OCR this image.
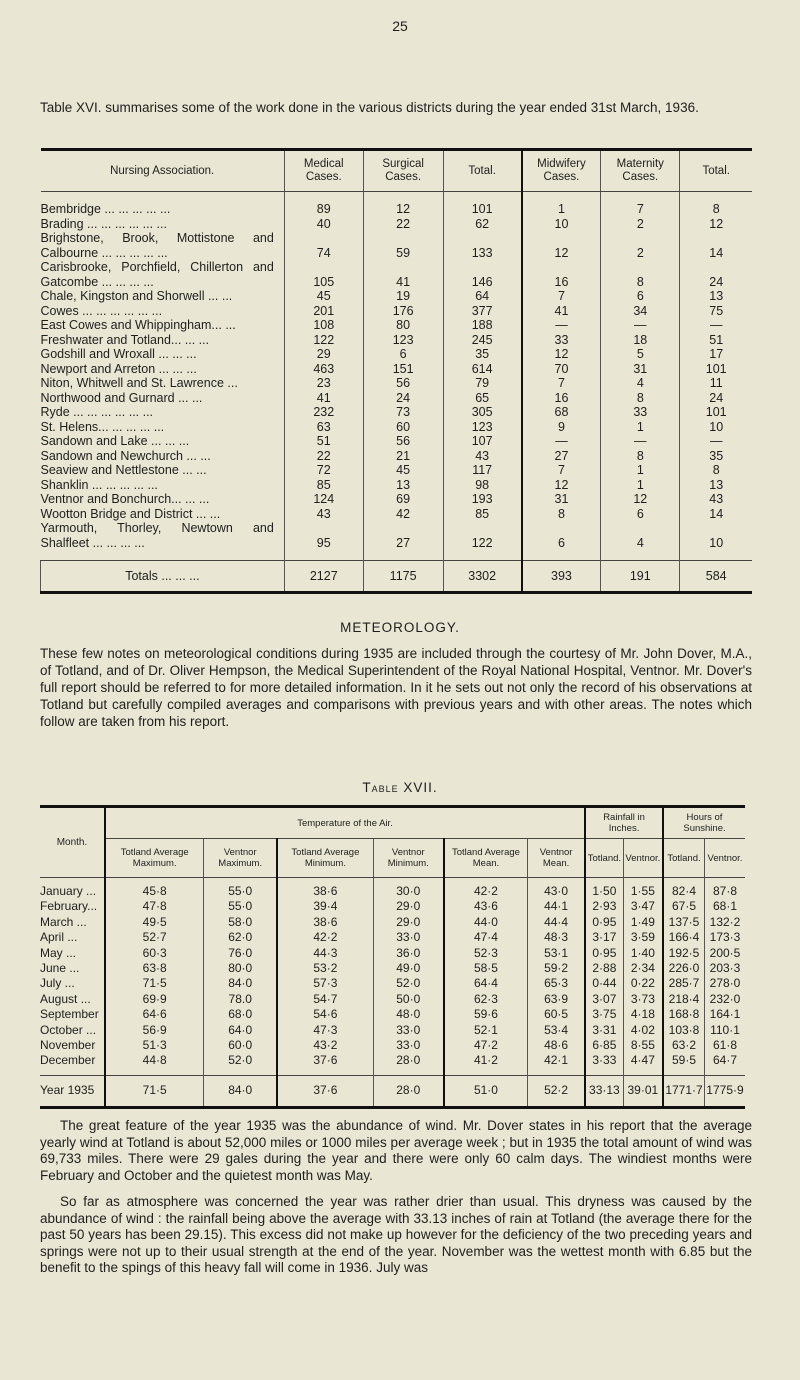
25
Table XVI. summarises some of the work done in the various districts during the year ended 31st March, 1936.
Nursing Association.	Medical Cases.	Surgical Cases.	Total.	Midwifery Cases.	Maternity Cases.	Total.
Bembridge ... ... ... ... ...	89	12	101	1	7	8
Brading ... ... ... ... ... ...	40	22	62	10	2	12
Brighstone, Brook, Mottistone and Calbourne ... ... ... ... ...	74	59	133	12	2	14
Carisbrooke, Porchfield, Chillerton and Gatcombe ... ... ... ...	105	41	146	16	8	24
Chale, Kingston and Shorwell ... ...	45	19	64	7	6	13
Cowes ... ... ... ... ... ...	201	176	377	41	34	75
East Cowes and Whippingham... ...	108	80	188	—	—	—
Freshwater and Totland... ... ...	122	123	245	33	18	51
Godshill and Wroxall ... ... ...	29	6	35	12	5	17
Newport and Arreton ... ... ...	463	151	614	70	31	101
Niton, Whitwell and St. Lawrence ...	23	56	79	7	4	11
Northwood and Gurnard ... ...	41	24	65	16	8	24
Ryde ... ... ... ... ... ...	232	73	305	68	33	101
St. Helens... ... ... ... ...	63	60	123	9	1	10
Sandown and Lake ... ... ...	51	56	107	—	—	—
Sandown and Newchurch ... ...	22	21	43	27	8	35
Seaview and Nettlestone ... ...	72	45	117	7	1	8
Shanklin ... ... ... ... ...	85	13	98	12	1	13
Ventnor and Bonchurch... ... ...	124	69	193	31	12	43
Wootton Bridge and District ... ...	43	42	85	8	6	14
Yarmouth, Thorley, Newtown and Shalfleet ... ... ... ...	95	27	122	6	4	10
Totals ... ... ...	2127	1175	3302	393	191	584
METEOROLOGY.

These few notes on meteorological conditions during 1935 are included through the courtesy of Mr. John Dover, M.A., of Totland, and of Dr. Oliver Hempson, the Medical Superintendent of the Royal National Hospital, Ventnor. Mr. Dover's full report should be referred to for more detailed information. In it he sets out not only the record of his observations at Totland but carefully compiled averages and comparisons with previous years and with other areas. The notes which follow are taken from his report.

Table XVII.
Month.	Temperature of the Air.						Rainfall in Inches.		Hours of Sunshine.	
	Totland Average Maximum.	Ventnor Maximum.	Totland Average Minimum.	Ventnor Minimum.	Totland Average Mean.	Ventnor Mean.	Totland.	Ventnor.	Totland.	Ventnor.
January ...	45·8	55·0	38·6	30·0	42·2	43·0	1·50	1·55	82·4	87·8
February...	47·8	55·0	39·4	29·0	43·6	44·1	2·93	3·47	67·5	68·1
March ...	49·5	58·0	38·6	29·0	44·0	44·4	0·95	1·49	137·5	132·2
April ...	52·7	62·0	42·2	33·0	47·4	48·3	3·17	3·59	166·4	173·3
May ...	60·3	76·0	44·3	36·0	52·3	53·1	0·95	1·40	192·5	200·5
June ...	63·8	80·0	53·2	49·0	58·5	59·2	2·88	2·34	226·0	203·3
July ...	71·5	84·0	57·3	52·0	64·4	65·3	0·44	0·22	285·7	278·0
August ...	69·9	78.0	54·7	50·0	62·3	63·9	3·07	3·73	218·4	232·0
September	64·6	68·0	54·6	48·0	59·6	60·5	3·75	4·18	168·8	164·1
October ...	56·9	64·0	47·3	33·0	52·1	53·4	3·31	4·02	103·8	110·1
November	51·3	60·0	43·2	33·0	47·2	48·6	6·85	8·55	63·2	61·8
December	44·8	52·0	37·6	28·0	41·2	42·1	3·33	4·47	59·5	64·7
Year 1935	71·5	84·0	37·6	28·0	51·0	52·2	33·13	39·01	1771·7	1775·9

The great feature of the year 1935 was the abundance of wind. Mr. Dover states in his report that the average yearly wind at Totland is about 52,000 miles or 1000 miles per average week ; but in 1935 the total amount of wind was 69,733 miles. There were 29 gales during the year and there were only 60 calm days. The windiest months were February and October and the quietest month was May.

So far as atmosphere was concerned the year was rather drier than usual. This dryness was caused by the abundance of wind : the rainfall being above the average with 33.13 inches of rain at Totland (the average there for the past 50 years has been 29.15). This excess did not make up however for the deficiency of the two preceding years and springs were not up to their usual strength at the end of the year. November was the wettest month with 6.85 but the benefit to the spings of this heavy fall will come in 1936. July was
